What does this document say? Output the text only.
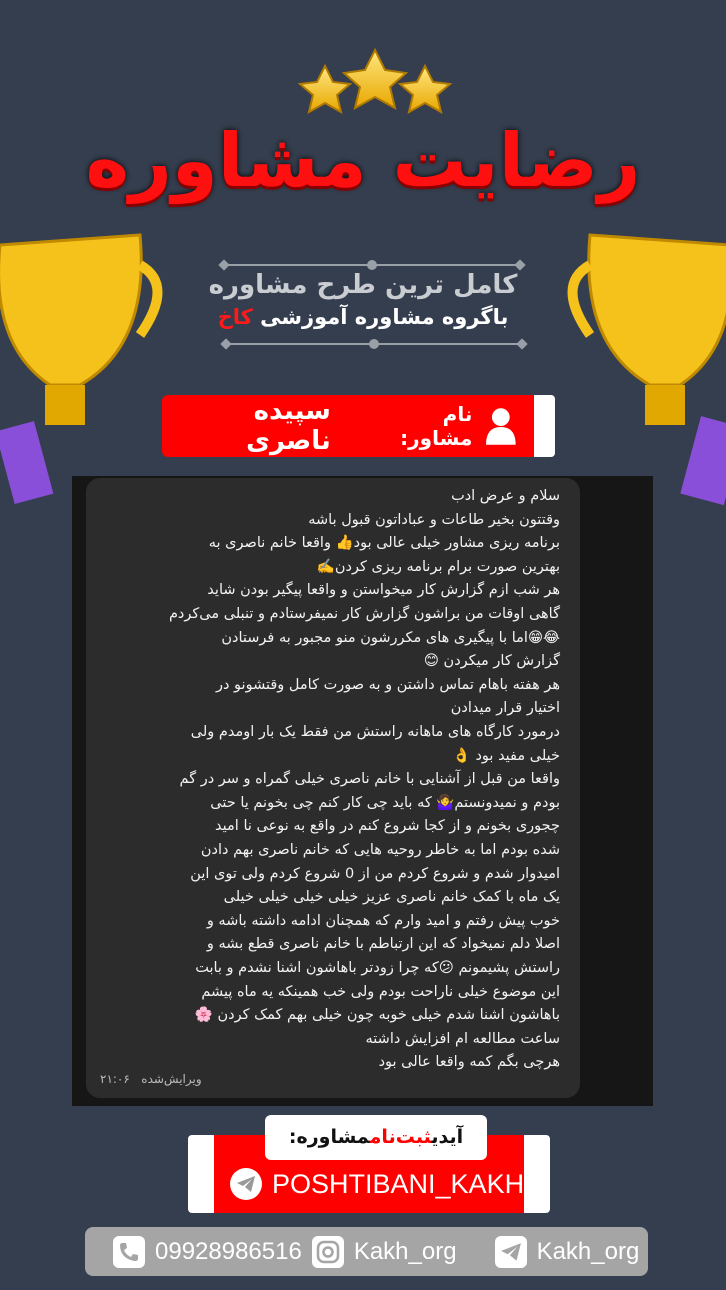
رضایت مشاوره
کامل ترین طرح مشاوره
باگروه مشاوره آموزشی کاخ
نام مشاور:
سپیده ناصری
ویرایش‌شده   ۲۱:۰۶
سلام و عرض ادب
وقتتون بخیر طاعات و عباداتون قبول باشه
برنامه ریزی مشاور خیلی عالی بود👍 واقعا خانم ناصری به
بهترین صورت برام برنامه ریزی کردن✍️
هر شب ازم گزارش کار میخواستن و واقعا پیگیر بودن شاید
گاهی اوقات من براشون گزارش کار نمیفرستادم و تنبلی می‌کردم
😂😁اما با پیگیری های مکررشون منو مجبور به فرستادن
گزارش کار میکردن 😊
هر هفته باهام تماس داشتن و به صورت کامل وقتشونو در
اختیار قرار میدادن
درمورد کارگاه های ماهانه راستش من فقط یک بار اومدم ولی
خیلی مفید بود 👌
واقعا من قبل از آشنایی با خانم ناصری خیلی گمراه و سر در گم
بودم و نمیدونستم🤷‍♀️ که باید چی کار کنم چی بخونم یا حتی
چجوری بخونم و از کجا شروع کنم در واقع به نوعی نا امید
شده بودم اما به خاطر روحیه هایی که خانم ناصری بهم دادن
امیدوار شدم و شروع کردم من از 0 شروع کردم ولی توی این
یک ماه با کمک خانم ناصری عزیز خیلی خیلی خیلی خیلی
خوب پیش رفتم و امید وارم که همچنان ادامه داشته باشه و
اصلا دلم نمیخواد که این ارتباطم با خانم ناصری قطع بشه و
راستش پشیمونم 😕که چرا زودتر باهاشون اشنا نشدم و بابت
این موضوع خیلی ناراحت بودم ولی خب همینکه یه ماه پیشم
باهاشون اشنا شدم خیلی خوبه چون خیلی بهم کمک کردن 🌸
ساعت مطالعه ام افزایش داشته
هرچی بگم کمه واقعا عالی بود
آیدیثبت‌ناممشاوره:
POSHTIBANI_KAKH
09928986516 Kakh_org	Kakh_org
